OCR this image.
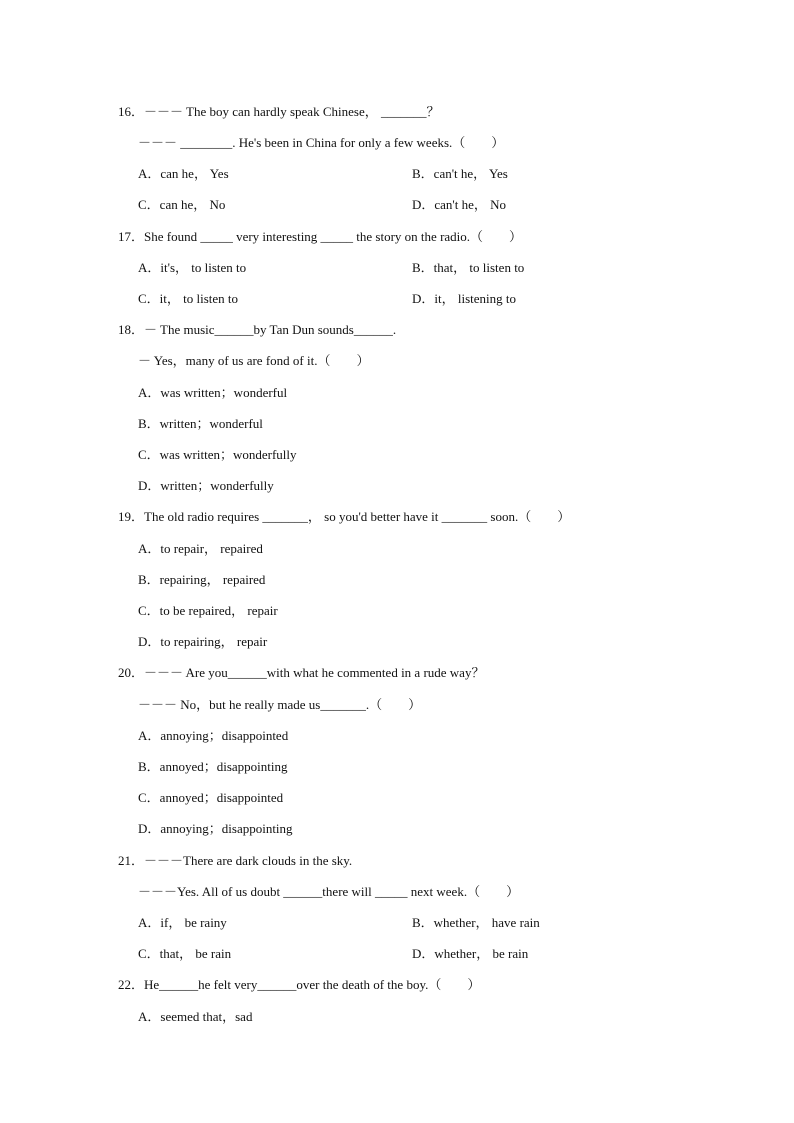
16．－－－ The boy can hardly speak Chinese， _______？
－－－ ________. He's been in China for only a few weeks.（　　）
A．can he， Yes	B．can't he， Yes
C．can he， No	D．can't he， No
17．She found _____ very interesting _____ the story on the radio.（　　）
A．it's， to listen to	B．that， to listen to
C．it， to listen to	D．it， listening to
18．－ The music______by Tan Dun sounds______.
－ Yes，many of us are fond of it.（　　）
A．was written；wonderful
B．written；wonderful
C．was written；wonderfully
D．written；wonderfully
19．The old radio requires _______， so you'd better have it _______ soon.（　　）
A．to repair， repaired
B．repairing， repaired
C．to be repaired， repair
D．to repairing， repair
20．－－－ Are you______with what he commented in a rude way？
－－－ No，but he really made us_______.（　　）
A．annoying；disappointed
B．annoyed；disappointing
C．annoyed；disappointed
D．annoying；disappointing
21．－－－There are dark clouds in the sky.
－－－Yes. All of us doubt ______there will _____ next week.（　　）
A．if， be rainy	B．whether， have rain
C．that， be rain	D．whether， be rain
22．He______he felt very______over the death of the boy.（　　）
A．seemed that，sad
